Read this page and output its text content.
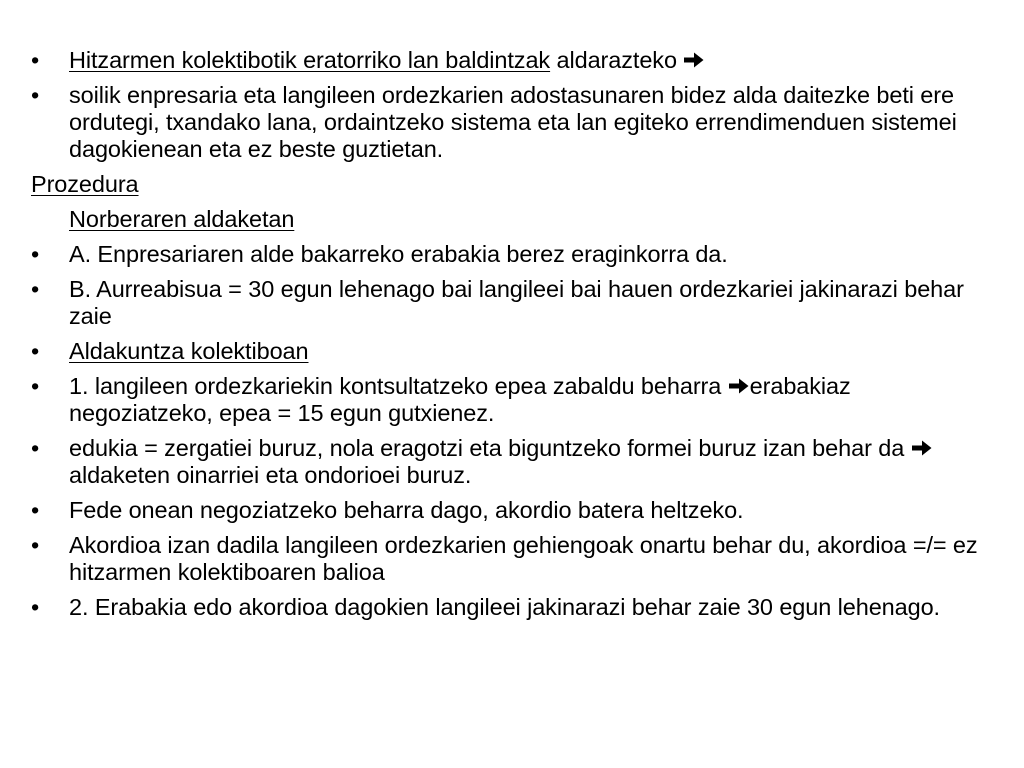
•	Hitzarmen kolektibotik eratorriko lan baldintzak aldarazteko
•	soilik enpresaria eta langileen ordezkarien adostasunaren bidez alda daitezke beti ere ordutegi, txandako lana, ordaintzeko sistema eta lan egiteko errendimenduen sistemei dagokienean eta ez beste guztietan.
Prozedura
Norberaren aldaketan
•	A. Enpresariaren alde bakarreko erabakia berez eraginkorra da.
•	B. Aurreabisua = 30 egun lehenago bai langileei bai hauen ordezkariei jakinarazi behar zaie
•	Aldakuntza kolektiboan
•	1. langileen ordezkariekin kontsultatzeko epea zabaldu beharra
erabakiaz negoziatzeko, epea = 15 egun gutxienez.
•	edukia = zergatiei buruz, nola eragotzi eta biguntzeko formei buruz izan behar da
aldaketen oinarriei eta ondorioei buruz.
•	Fede onean negoziatzeko beharra dago, akordio batera heltzeko.
•	Akordioa izan dadila langileen ordezkarien gehiengoak onartu behar du, akordioa =/= ez hitzarmen kolektiboaren balioa
•	2. Erabakia edo akordioa dagokien langileei jakinarazi behar zaie 30 egun lehenago.
